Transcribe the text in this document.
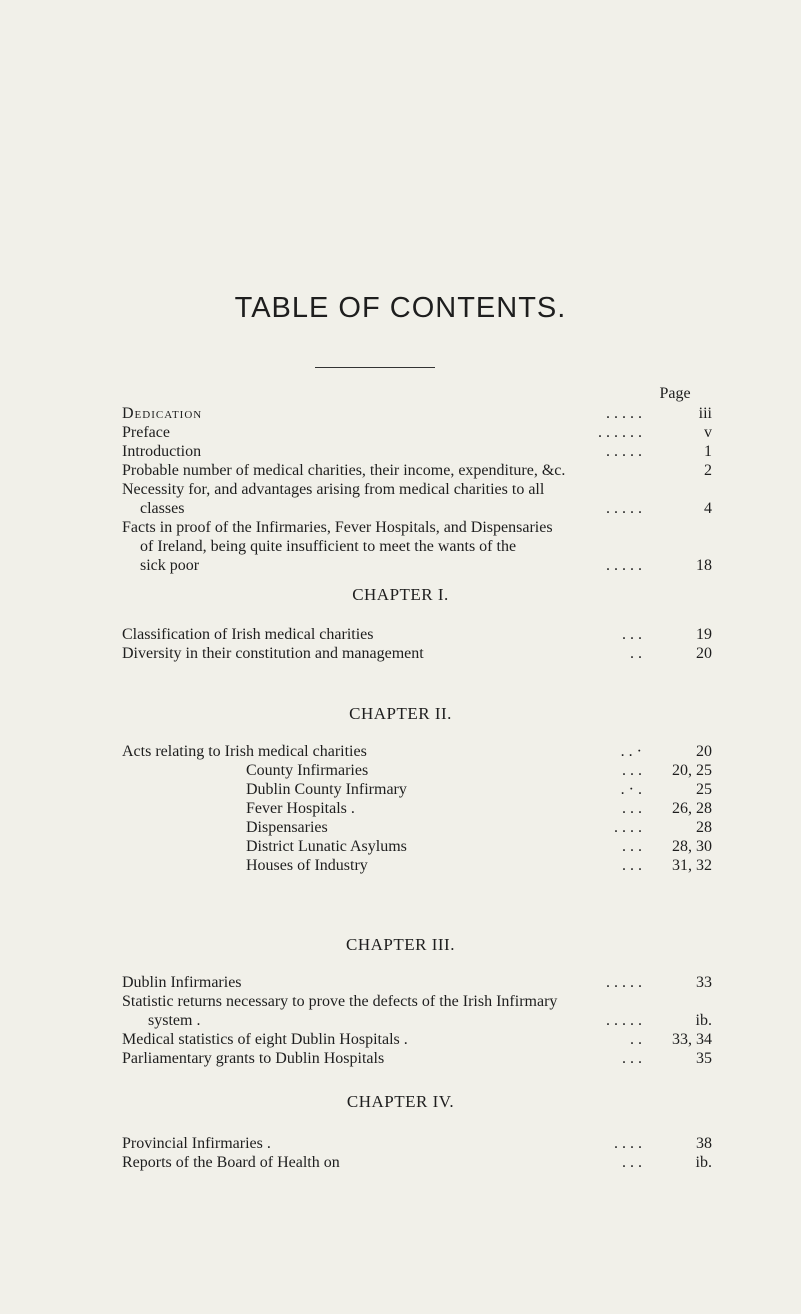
TABLE OF CONTENTS.
Page
Dedication	. . . . .	iii
Preface	. . . . . .	v
Introduction	. . . . .	1
Probable number of medical charities, their income, expenditure, &c.	2
Necessity for, and advantages arising from medical charities to all
classes	. . . . .	4
Facts in proof of the Infirmaries, Fever Hospitals, and Dispensaries
of Ireland, being quite insufficient to meet the wants of the
sick poor	. . . . .	18
CHAPTER I.
Classification of Irish medical charities	. . .	19
Diversity in their constitution and management	. .	20
CHAPTER II.
Acts relating to Irish medical charities	. . ·	20
County Infirmaries	. . .	20, 25
Dublin County Infirmary	. · .	25
Fever Hospitals .	. . .	26, 28
Dispensaries	. . . .	28
District Lunatic Asylums	. . .	28, 30
Houses of Industry	. . .	31, 32
CHAPTER III.
Dublin Infirmaries	. . . . .	33
Statistic returns necessary to prove the defects of the Irish Infirmary
system .	. . . . .	ib.
Medical statistics of eight Dublin Hospitals .	. .	33, 34
Parliamentary grants to Dublin Hospitals	. . .	35
CHAPTER IV.
Provincial Infirmaries .	. . . .	38
Reports of the Board of Health on	. . .	ib.
